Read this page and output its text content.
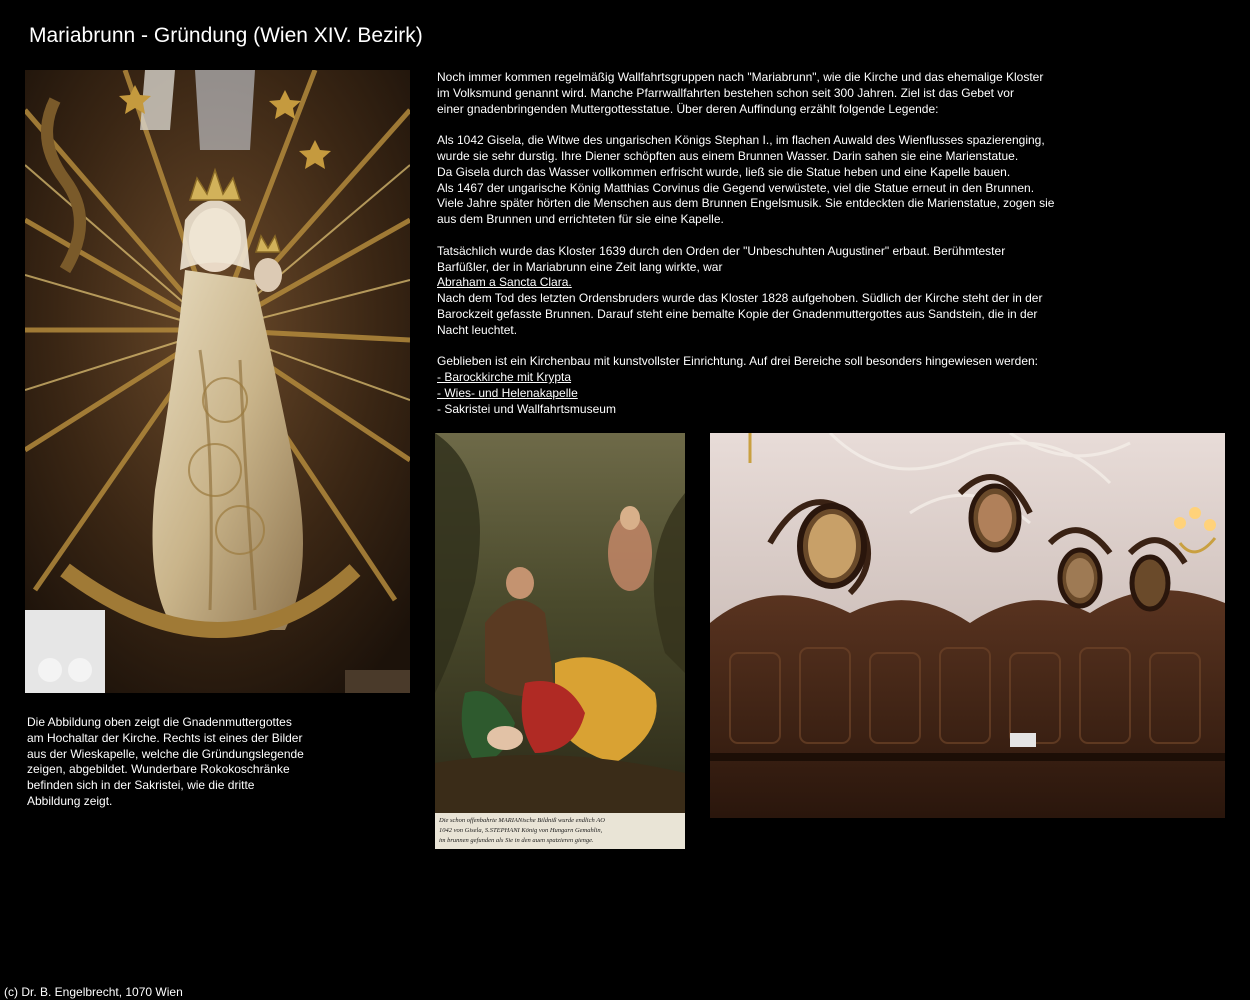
Mariabrunn - Gründung (Wien XIV. Bezirk)
Die Abbildung oben zeigt die Gnadenmuttergottes
am Hochaltar der Kirche. Rechts ist eines der Bilder
aus der Wieskapelle, welche die Gründungslegende
zeigen, abgebildet. Wunderbare Rokokoschränke
befinden sich in der Sakristei, wie die dritte
Abbildung zeigt.
Noch immer kommen regelmäßig Wallfahrtsgruppen nach "Mariabrunn", wie die Kirche und das ehemalige Kloster
im Volksmund genannt wird. Manche Pfarrwallfahrten bestehen schon seit 300 Jahren. Ziel ist das Gebet vor
einer gnadenbringenden Muttergottesstatue. Über deren Auffindung erzählt folgende Legende:
Als 1042 Gisela, die Witwe des ungarischen Königs Stephan I., im flachen Auwald des Wienflusses spazierenging,
wurde sie sehr durstig. Ihre Diener schöpften aus einem Brunnen Wasser. Darin sahen sie eine Marienstatue.
Da Gisela durch das Wasser vollkommen erfrischt wurde, ließ sie die Statue heben und eine Kapelle bauen.
Als 1467 der ungarische König Matthias Corvinus die Gegend verwüstete, viel die Statue erneut in den Brunnen.
Viele Jahre später hörten die Menschen aus dem Brunnen Engelsmusik. Sie entdeckten die Marienstatue, zogen sie
aus dem Brunnen und errichteten für sie eine Kapelle.
Tatsächlich wurde das Kloster 1639 durch den Orden der "Unbeschuhten Augustiner" erbaut. Berühmtester
Barfüßler, der in Mariabrunn eine Zeit lang wirkte, war
Abraham a Sancta Clara.
Nach dem Tod des letzten Ordensbruders wurde das Kloster 1828 aufgehoben. Südlich der Kirche steht der in der
Barockzeit gefasste Brunnen. Darauf steht eine bemalte Kopie der Gnadenmuttergottes aus Sandstein, die in der
Nacht leuchtet.
Geblieben ist ein Kirchenbau mit kunstvollster Einrichtung. Auf drei Bereiche soll besonders hingewiesen werden:
- Barockkirche mit Krypta
- Wies- und Helenakapelle
- Sakristei und Wallfahrtsmuseum
Die schon offenbahrte MARIANische Bildniß wurde endlich AO
1042 von Gisela, S.STEPHANI König von Hungarn Gemahlin,
im brunnen gefunden als Sie in den auen spatzieren gienge.
(c) Dr. B. Engelbrecht, 1070 Wien
